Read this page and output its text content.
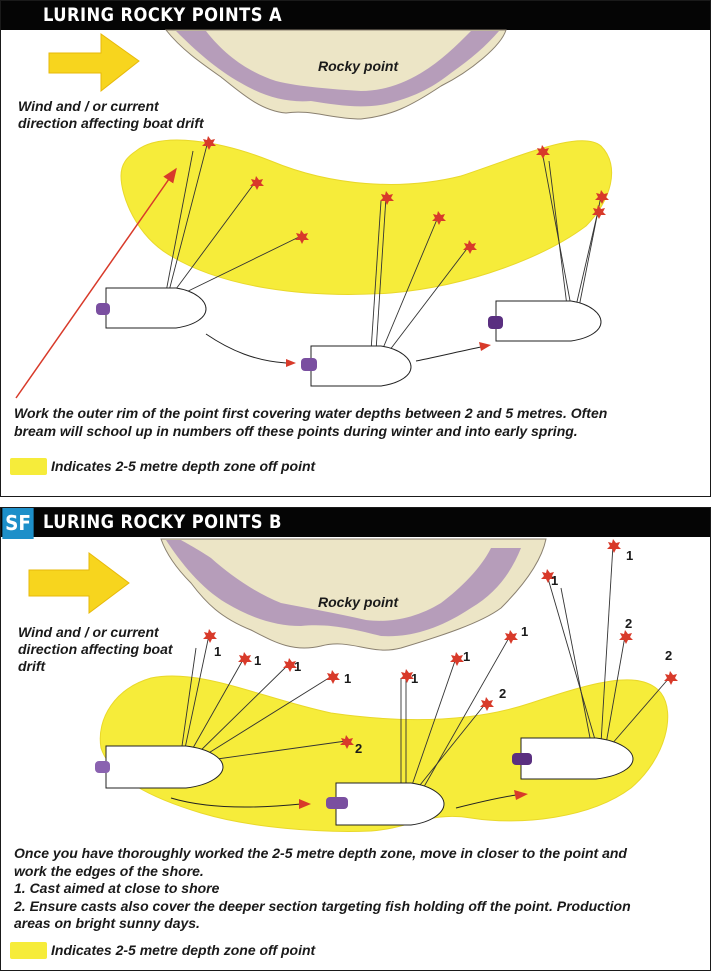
LURING ROCKY POINTS A
Rocky point
Wind and / or current
direction affecting boat drift

Work the outer rim of the point first covering water depths between 2 and 5 metres. Often

bream will school up in numbers off these points during winter and into early spring.

Indicates 2-5 metre depth zone off point
LURING ROCKY POINTS B
SF
1
1	1
1	1
1
1
1
1
2
2
2
2
Rocky point
Wind and / or current
direction affecting boat
drift

Once you have thoroughly worked the 2-5 metre depth zone, move in closer to the point and

work the edges of the shore.

1. Cast aimed at close to shore

2. Ensure casts also cover the deeper section targeting fish holding off the point. Production

areas on bright sunny days.

Indicates 2-5 metre depth zone off point
